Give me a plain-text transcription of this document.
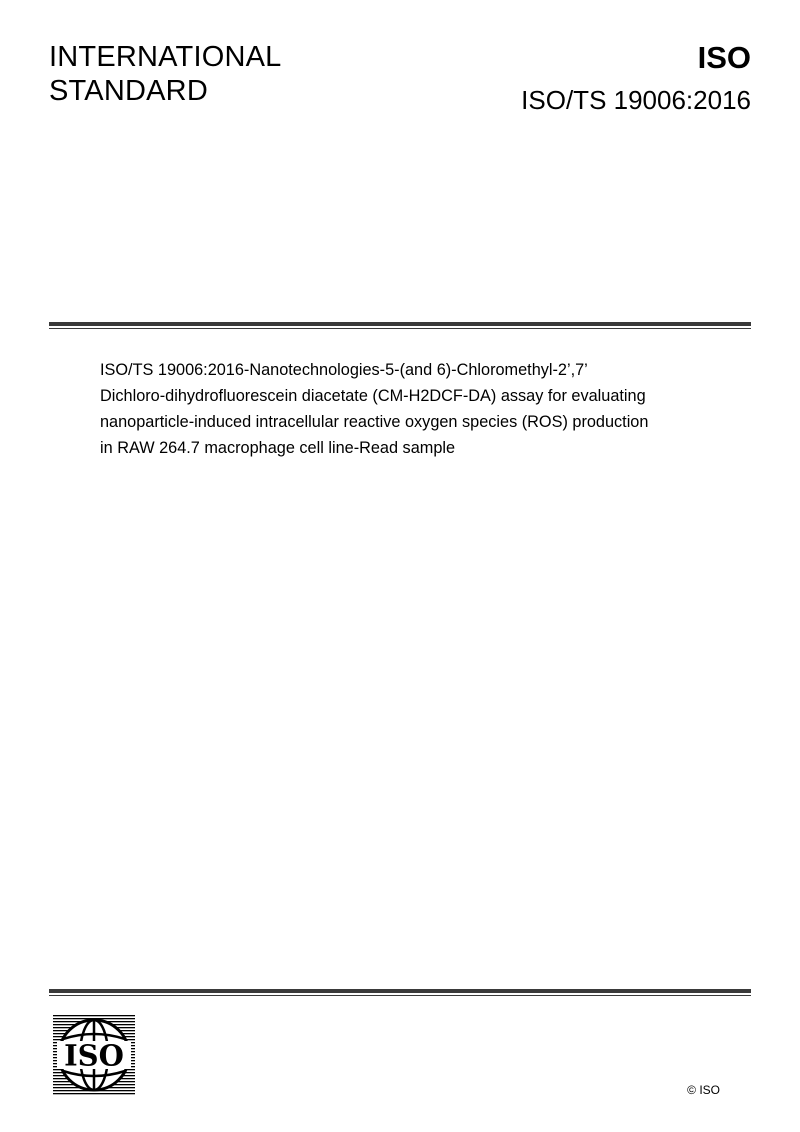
INTERNATIONAL
STANDARD
ISO
ISO/TS 19006:2016
ISO/TS 19006:2016-Nanotechnologies-5-(and 6)-Chloromethyl-2’,7’
Dichloro-dihydrofluorescein diacetate (CM-H2DCF-DA) assay for evaluating
nanoparticle-induced intracellular reactive oxygen species (ROS) production
in RAW 264.7 macrophage cell line-Read sample
ISO
© ISO
